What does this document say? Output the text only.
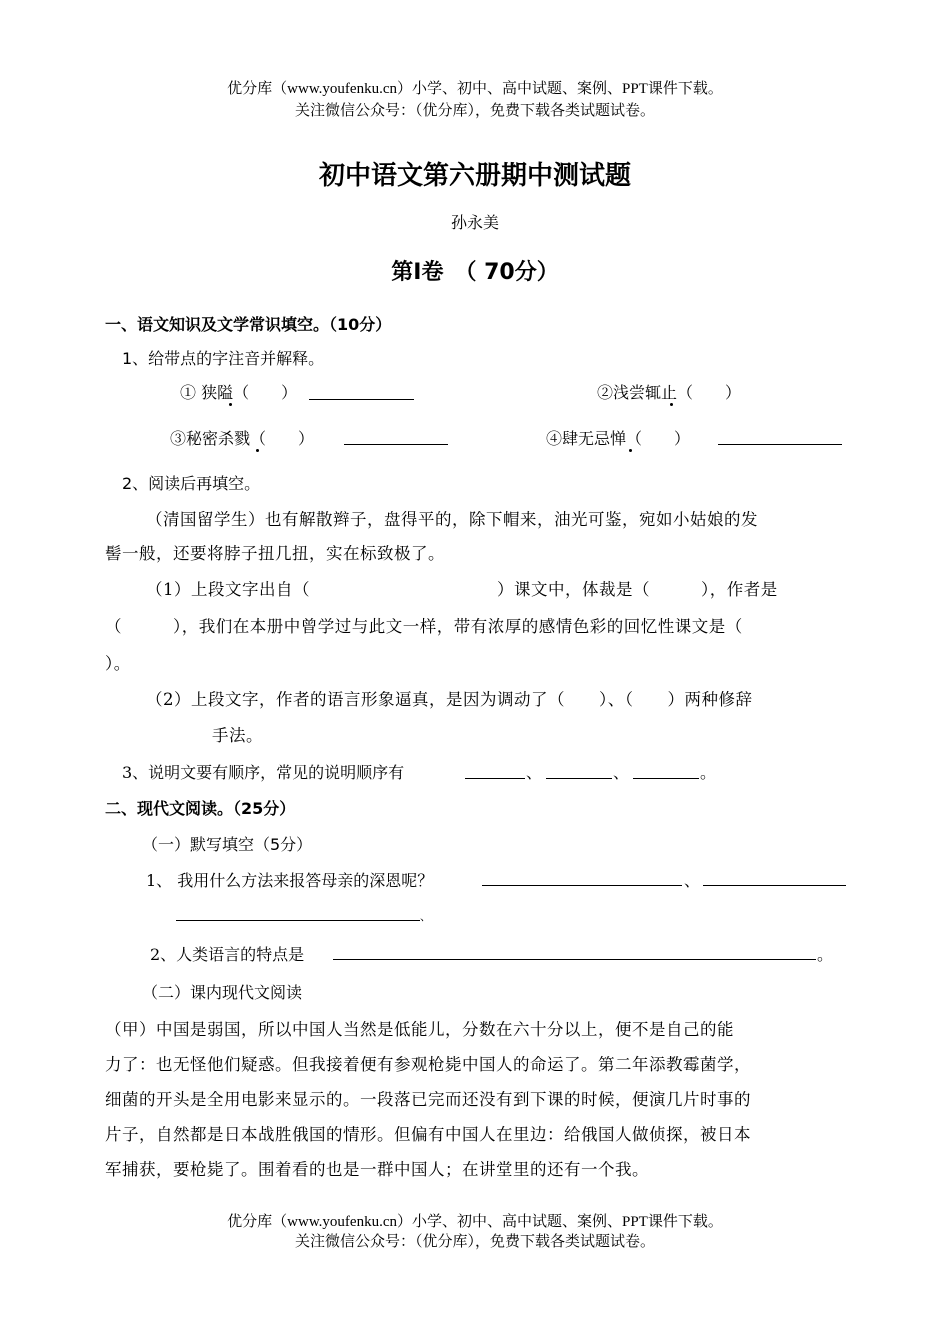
优分库（www.youfenku.cn）小学、初中、高中试题、案例、PPT课件下载。
关注微信公众号：（优分库），免费下载各类试题试卷。
初中语文第六册期中测试题
孙永美
第Ⅰ卷　（ 70分）
一、语文知识及文学常识填空。（10分）
1、给带点的字注音并解释。
① 狭隘（　　）	②浅尝辄止（　　）
③秘密杀戮（　　）	④肆无忌惮（　　）
2、阅读后再填空。
（清国留学生）也有解散辫子，盘得平的，除下帽来，油光可鉴，宛如小姑娘的发
髻一般，还要将脖子扭几扭，实在标致极了。
（1）上段文字出自（　　　　　　　　　　　）课文中，体裁是（　　　），作者是
（　　　），我们在本册中曾学过与此文一样，带有浓厚的感情色彩的回忆性课文是（
）。
（2）上段文字，作者的语言形象逼真，是因为调动了（　　）、（　　）两种修辞
手法。
3、说明文要有顺序，常见的说明顺序有	、	、	。
二、现代文阅读。（25分）
（一）默写填空（5分）
1、 我用什么方法来报答母亲的深恩呢？	、
、
2、人类语言的特点是	。
（二）课内现代文阅读
（甲）中国是弱国，所以中国人当然是低能儿，分数在六十分以上，便不是自己的能
力了：也无怪他们疑惑。但我接着便有参观枪毙中国人的命运了。第二年添教霉菌学，
细菌的开头是全用电影来显示的。一段落已完而还没有到下课的时候，便演几片时事的
片子，自然都是日本战胜俄国的情形。但偏有中国人在里边：给俄国人做侦探，被日本
军捕获，要枪毙了。围着看的也是一群中国人；在讲堂里的还有一个我。
优分库（www.youfenku.cn）小学、初中、高中试题、案例、PPT课件下载。
关注微信公众号：（优分库），免费下载各类试题试卷。
